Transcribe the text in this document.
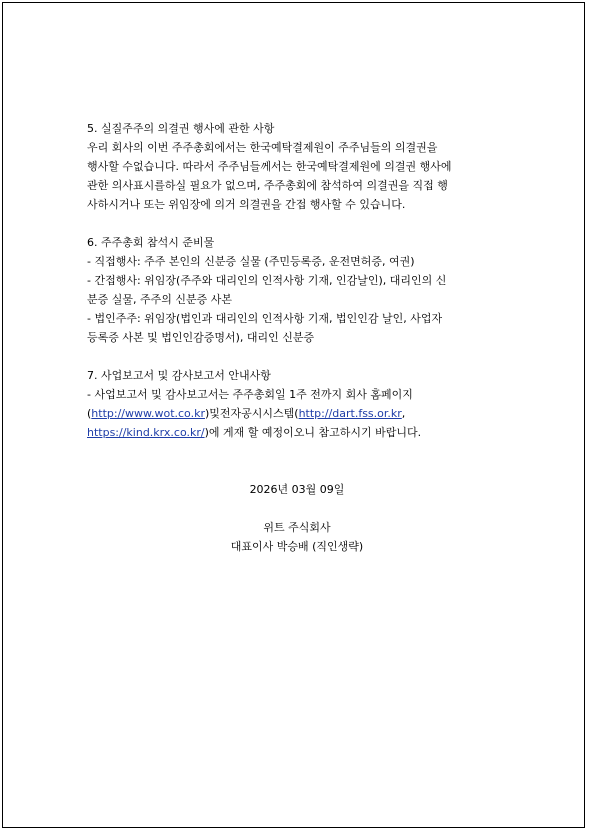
5. 실질주주의 의결권 행사에 관한 사항
우리 회사의 이번 주주총회에서는 한국예탁결제원이 주주님들의 의결권을
행사할 수없습니다. 따라서 주주님들께서는 한국예탁결제원에 의결권 행사에
관한 의사표시를하실 필요가 없으며, 주주총회에 참석하여 의결권을 직접 행
사하시거나 또는 위임장에 의거 의결권을 간접 행사할 수 있습니다.
6. 주주총회 참석시 준비물
- 직접행사: 주주 본인의 신분증 실물 (주민등록증, 운전면허증, 여권)
- 간접행사: 위임장(주주와 대리인의 인적사항 기재, 인감날인), 대리인의 신
분증 실물, 주주의 신분증 사본
- 법인주주: 위임장(법인과 대리인의 인적사항 기재, 법인인감 날인, 사업자
등록증 사본 및 법인인감증명서), 대리인 신분증
7. 사업보고서 및 감사보고서 안내사항
- 사업보고서 및 감사보고서는 주주총회일 1주 전까지 회사 홈페이지
(http://www.wot.co.kr)및전자공시시스템(http://dart.fss.or.kr,
https://kind.krx.co.kr/)에 게재 할 예정이오니 참고하시기 바랍니다.
2026년 03월 09일
위트 주식회사
대표이사 박승배 (직인생략)
